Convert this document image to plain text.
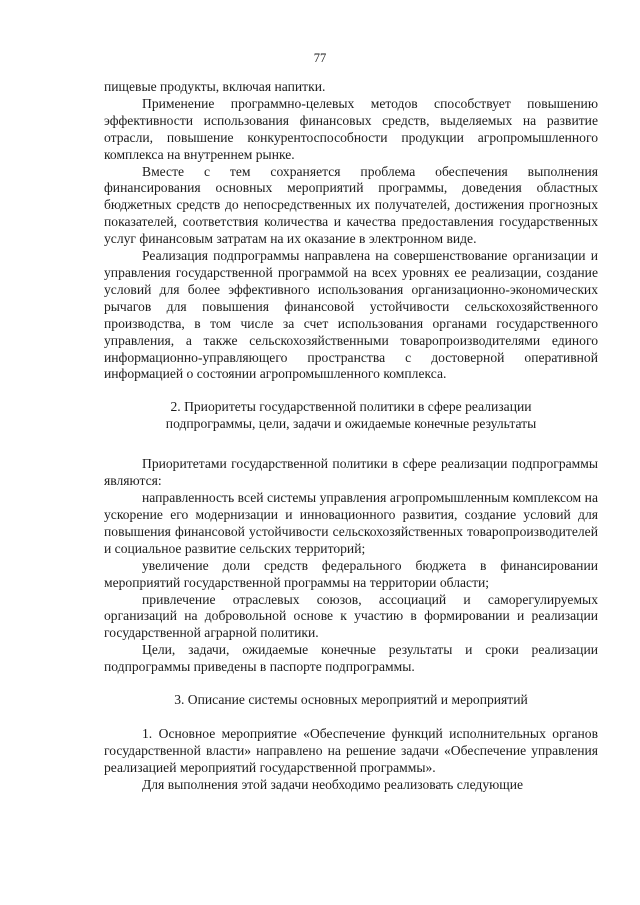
77

пищевые продукты, включая напитки.

Применение программно-целевых методов способствует повышению эффективности использования финансовых средств, выделяемых на развитие отрасли, повышение конкурентоспособности продукции агропромышленного комплекса на внутреннем рынке.

Вместе с тем сохраняется проблема обеспечения выполнения финансирования основных мероприятий программы, доведения областных бюджетных средств до непосредственных их получателей, достижения прогнозных показателей, соответствия количества и качества предоставления государственных услуг финансовым затратам на их оказание в электронном виде.

Реализация подпрограммы направлена на совершенствование организации и управления государственной программой на всех уровнях ее реализации, создание условий для более эффективного использования организационно-экономических рычагов для повышения финансовой устойчивости сельскохозяйственного производства, в том числе за счет использования органами государственного управления, а также сельскохозяйственными товаропроизводителями единого информационно-управляющего пространства с достоверной оперативной информацией о состоянии агропромышленного комплекса.

2. Приоритеты государственной политики в сфере реализации

подпрограммы, цели, задачи и ожидаемые конечные результаты

Приоритетами государственной политики в сфере реализации подпрограммы являются:

направленность всей системы управления агропромышленным комплексом на ускорение его модернизации и инновационного развития, создание условий для повышения финансовой устойчивости сельскохозяйственных товаропроизводителей и социальное развитие сельских территорий;

увеличение доли средств федерального бюджета в финансировании мероприятий государственной программы на территории области;

привлечение отраслевых союзов, ассоциаций и саморегулируемых организаций на добровольной основе к участию в формировании и реализации государственной аграрной политики.

Цели, задачи, ожидаемые конечные результаты и сроки реализации подпрограммы приведены в паспорте подпрограммы.

3. Описание системы основных мероприятий и мероприятий

1. Основное мероприятие «Обеспечение функций исполнительных органов государственной власти» направлено на решение задачи «Обеспечение управления реализацией мероприятий государственной программы».

Для выполнения этой задачи необходимо реализовать следующие
